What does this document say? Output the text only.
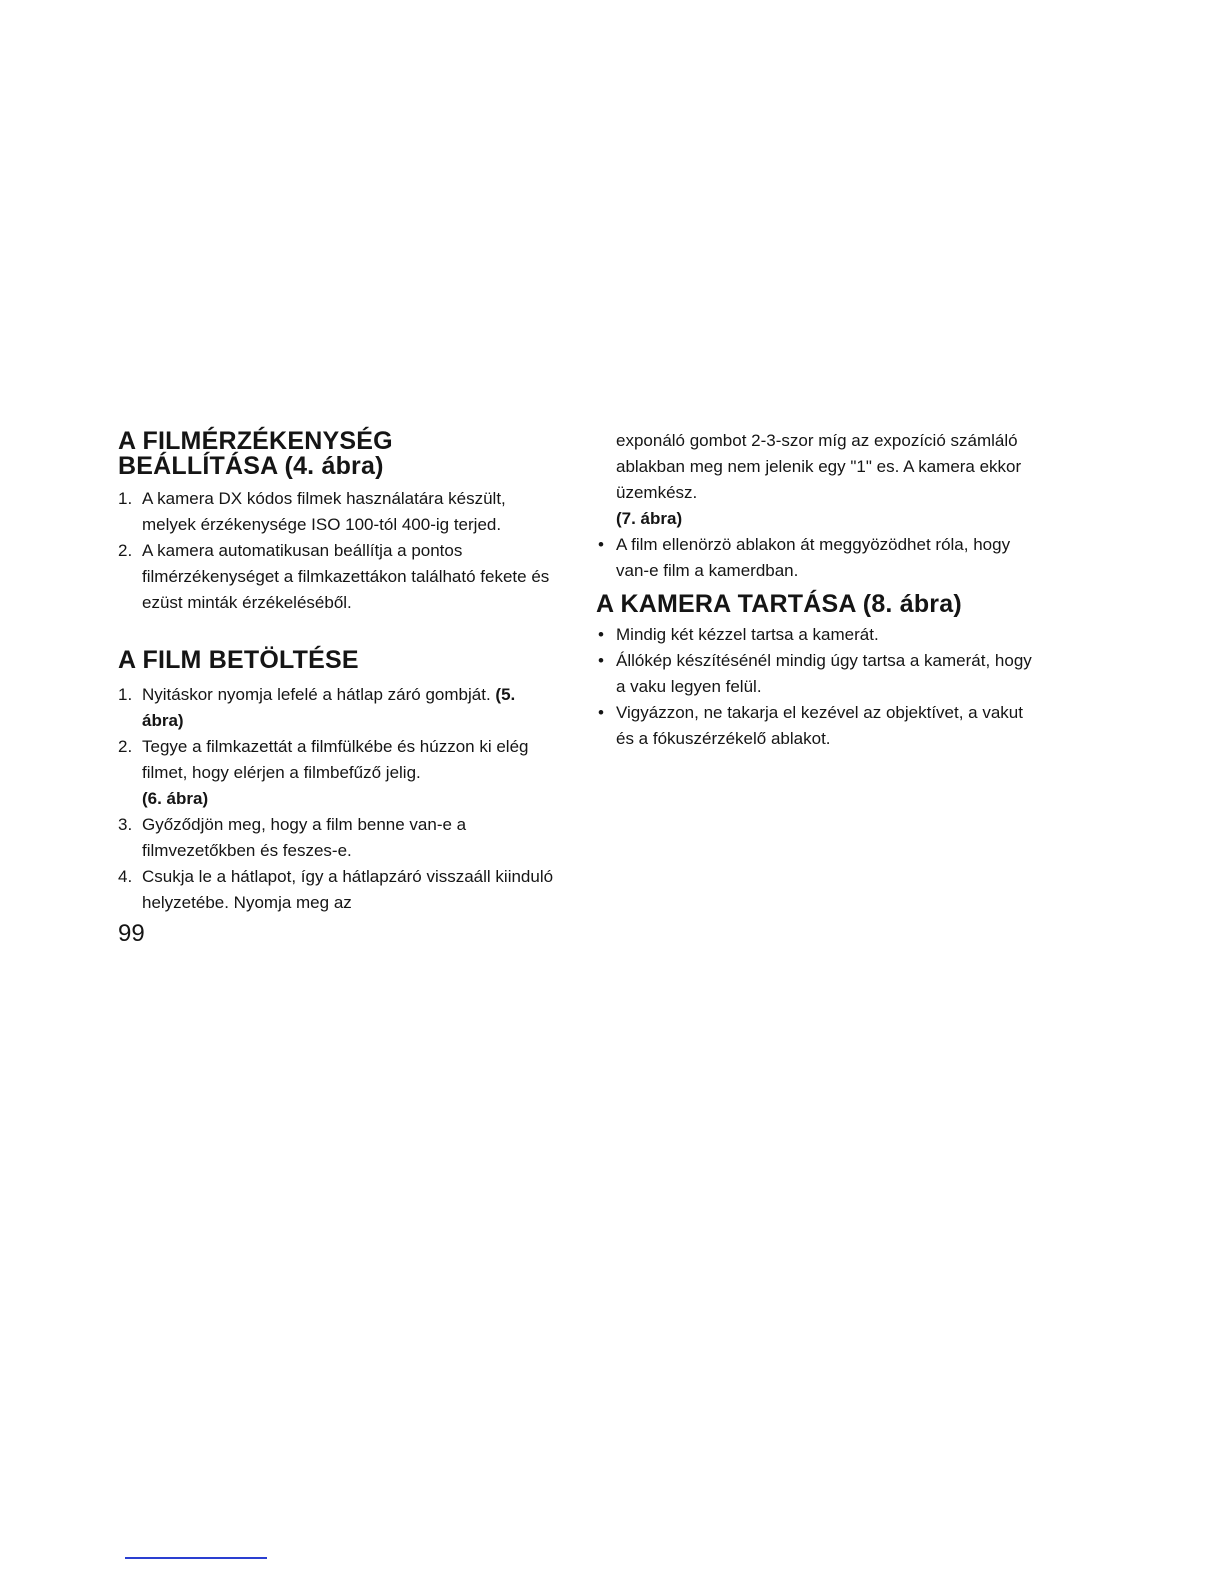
A FILMÉRZÉKENYSÉG
BEÁLLÍTÁSA (4. ábra)
1. A kamera DX kódos filmek használatára készült, melyek érzékenysége ISO 100-tól 400-ig terjed.
2. A kamera automatikusan beállítja a pontos filmérzékenységet a filmkazettákon található fekete és ezüst minták érzékeléséből.
A FILM BETÖLTÉSE
1. Nyitáskor nyomja lefelé a hátlap záró gombját. (5. ábra)
2. Tegye a filmkazettát a filmfülkébe és húzzon ki elég filmet, hogy elérjen a filmbefűző jelig.
(6. ábra)
3. Győződjön meg, hogy a film benne van-e a filmvezetőkben és feszes-e.
4. Csukja le a hátlapot, így a hátlapzáró visszaáll kiinduló helyzetébe. Nyomja meg az
exponáló gombot 2-3-szor míg az expozíció számláló ablakban meg nem jelenik egy "1" es. A kamera ekkor üzemkész.
(7. ábra)
• A film ellenörzö ablakon át meggyözödhet róla, hogy van-e film a kamerdban.
A KAMERA TARTÁSA (8. ábra)
• Mindig két kézzel tartsa a kamerát.
• Állókép készítésénél mindig úgy tartsa a kamerát, hogy a vaku legyen felül.
• Vigyázzon, ne takarja el kezével az objektívet, a vakut és a fókuszérzékelő ablakot.
99
